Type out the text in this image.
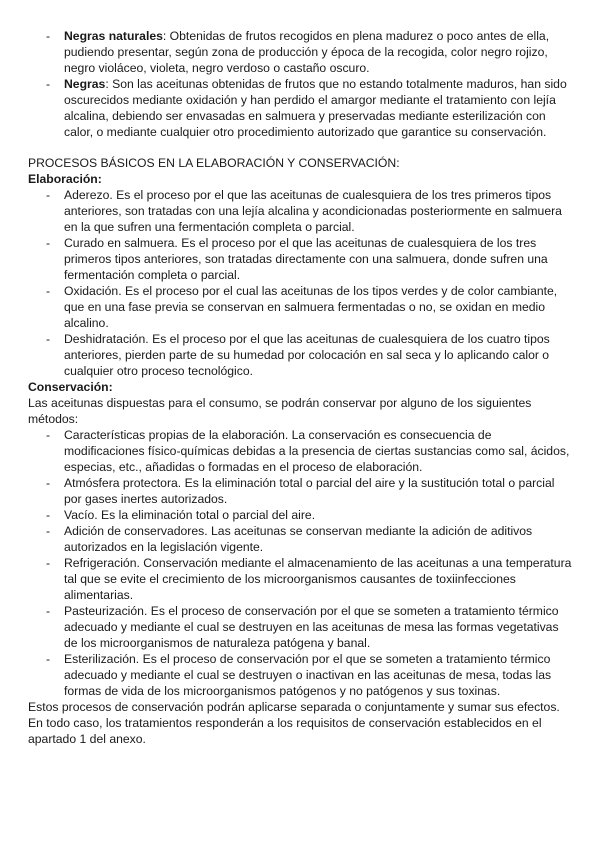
- Negras naturales: Obtenidas de frutos recogidos en plena madurez o poco antes de ella, pudiendo presentar, según zona de producción y época de la recogida, color negro rojizo, negro violáceo, violeta, negro verdoso o castaño oscuro.
- Negras: Son las aceitunas obtenidas de frutos que no estando totalmente maduros, han sido oscurecidos mediante oxidación y han perdido el amargor mediante el tratamiento con lejía alcalina, debiendo ser envasadas en salmuera y preservadas mediante esterilización con calor, o mediante cualquier otro procedimiento autorizado que garantice su conservación.

PROCESOS BÁSICOS EN LA ELABORACIÓN Y CONSERVACIÓN:

Elaboración:

- Aderezo. Es el proceso por el que las aceitunas de cualesquiera de los tres primeros tipos anteriores, son tratadas con una lejía alcalina y acondicionadas posteriormente en salmuera en la que sufren una fermentación completa o parcial.
- Curado en salmuera. Es el proceso por el que las aceitunas de cualesquiera de los tres primeros tipos anteriores, son tratadas directamente con una salmuera, donde sufren una fermentación completa o parcial.
- Oxidación. Es el proceso por el cual las aceitunas de los tipos verdes y de color cambiante, que en una fase previa se conservan en salmuera fermentadas o no, se oxidan en medio alcalino.
- Deshidratación. Es el proceso por el que las aceitunas de cualesquiera de los cuatro tipos anteriores, pierden parte de su humedad por colocación en sal seca y lo aplicando calor o cualquier otro proceso tecnológico.

Conservación:

Las aceitunas dispuestas para el consumo, se podrán conservar por alguno de los siguientes métodos:

- Características propias de la elaboración. La conservación es consecuencia de modificaciones físico-químicas debidas a la presencia de ciertas sustancias como sal, ácidos, especias, etc., añadidas o formadas en el proceso de elaboración.
- Atmósfera protectora. Es la eliminación total o parcial del aire y la sustitución total o parcial por gases inertes autorizados.
- Vacío. Es la eliminación total o parcial del aire.
- Adición de conservadores. Las aceitunas se conservan mediante la adición de aditivos autorizados en la legislación vigente.
- Refrigeración. Conservación mediante el almacenamiento de las aceitunas a una temperatura tal que se evite el crecimiento de los microorganismos causantes de toxiinfecciones alimentarias.
- Pasteurización. Es el proceso de conservación por el que se someten a tratamiento térmico adecuado y mediante el cual se destruyen en las aceitunas de mesa las formas vegetativas de los microorganismos de naturaleza patógena y banal.
- Esterilización. Es el proceso de conservación por el que se someten a tratamiento térmico adecuado y mediante el cual se destruyen o inactivan en las aceitunas de mesa, todas las formas de vida de los microorganismos patógenos y no patógenos y sus toxinas.

Estos procesos de conservación podrán aplicarse separada o conjuntamente y sumar sus efectos. En todo caso, los tratamientos responderán a los requisitos de conservación establecidos en el apartado 1 del anexo.
